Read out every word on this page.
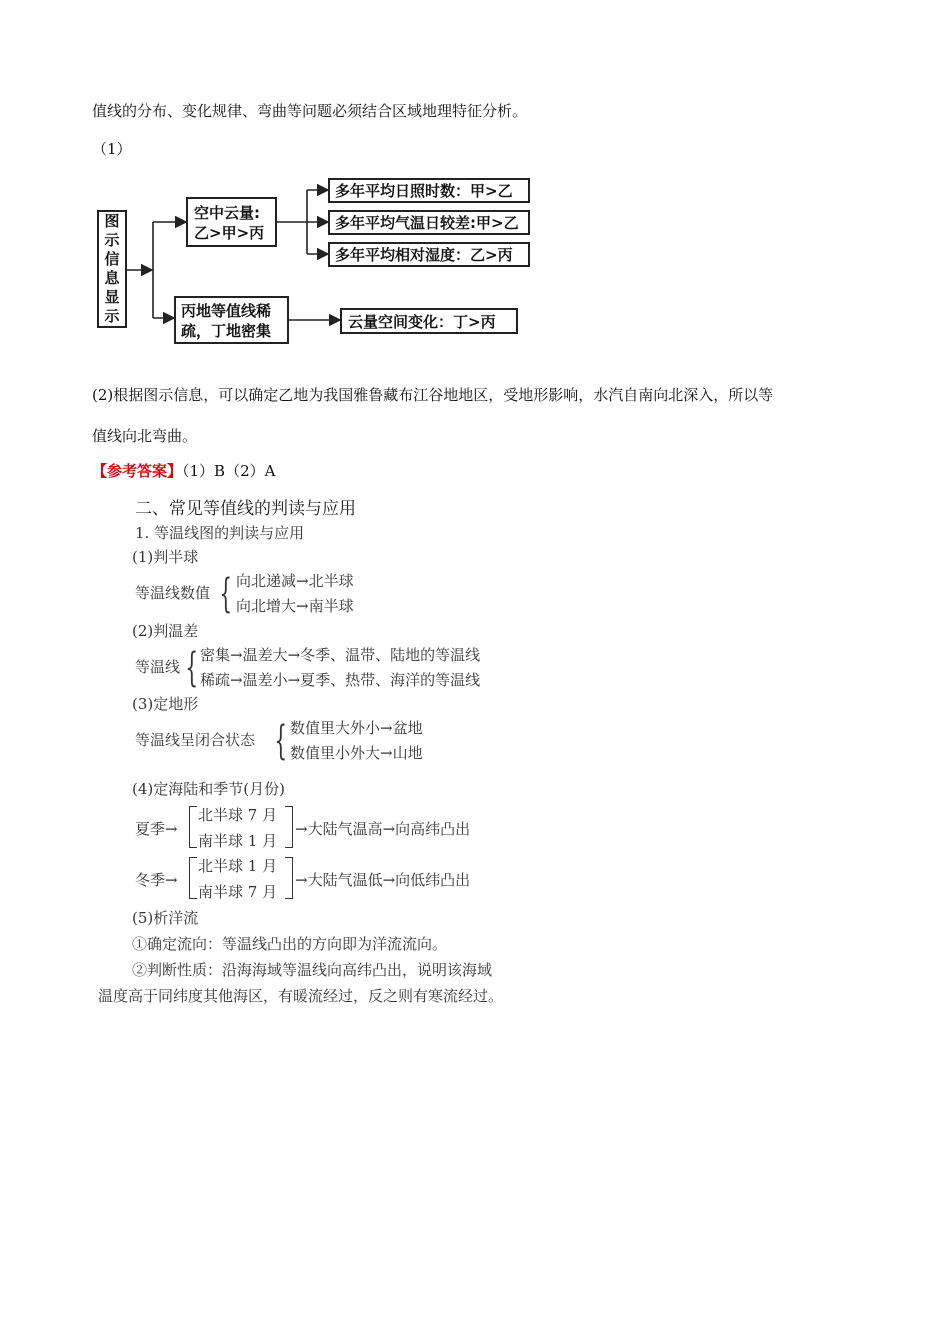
值线的分布、变化规律、弯曲等问题必须结合区域地理特征分析。
（1）
图
示
信
息
显
示
空中云量:
乙>甲>丙
丙地等值线稀
疏，丁地密集
多年平均日照时数：甲>乙
多年平均气温日较差:甲>乙
多年平均相对湿度：乙>丙
云量空间变化：丁>丙
(2)根据图示信息，可以确定乙地为我国雅鲁藏布江谷地地区，受地形影响，水汽自南向北深入，所以等
值线向北弯曲。
【参考答案】（1）B（2）A
二、常见等值线的判读与应用
1. 等温线图的判读与应用
(1)判半球
等温线数值 { 向北递减→北半球
向北增大→南半球
(2)判温差
等温线 { 密集→温差大→冬季、温带、陆地的等温线
稀疏→温差小→夏季、热带、海洋的等温线
(3)定地形
等温线呈闭合状态 { 数值里大外小→盆地
数值里小外大→山地
(4)定海陆和季节(月份)
夏季→
北半球 7 月
南半球 1 月
→大陆气温高→向高纬凸出
冬季→
北半球 1 月
南半球 7 月
→大陆气温低→向低纬凸出
(5)析洋流
①确定流向：等温线凸出的方向即为洋流流向。
②判断性质：沿海海域等温线向高纬凸出，说明该海域
温度高于同纬度其他海区，有暖流经过，反之则有寒流经过。
